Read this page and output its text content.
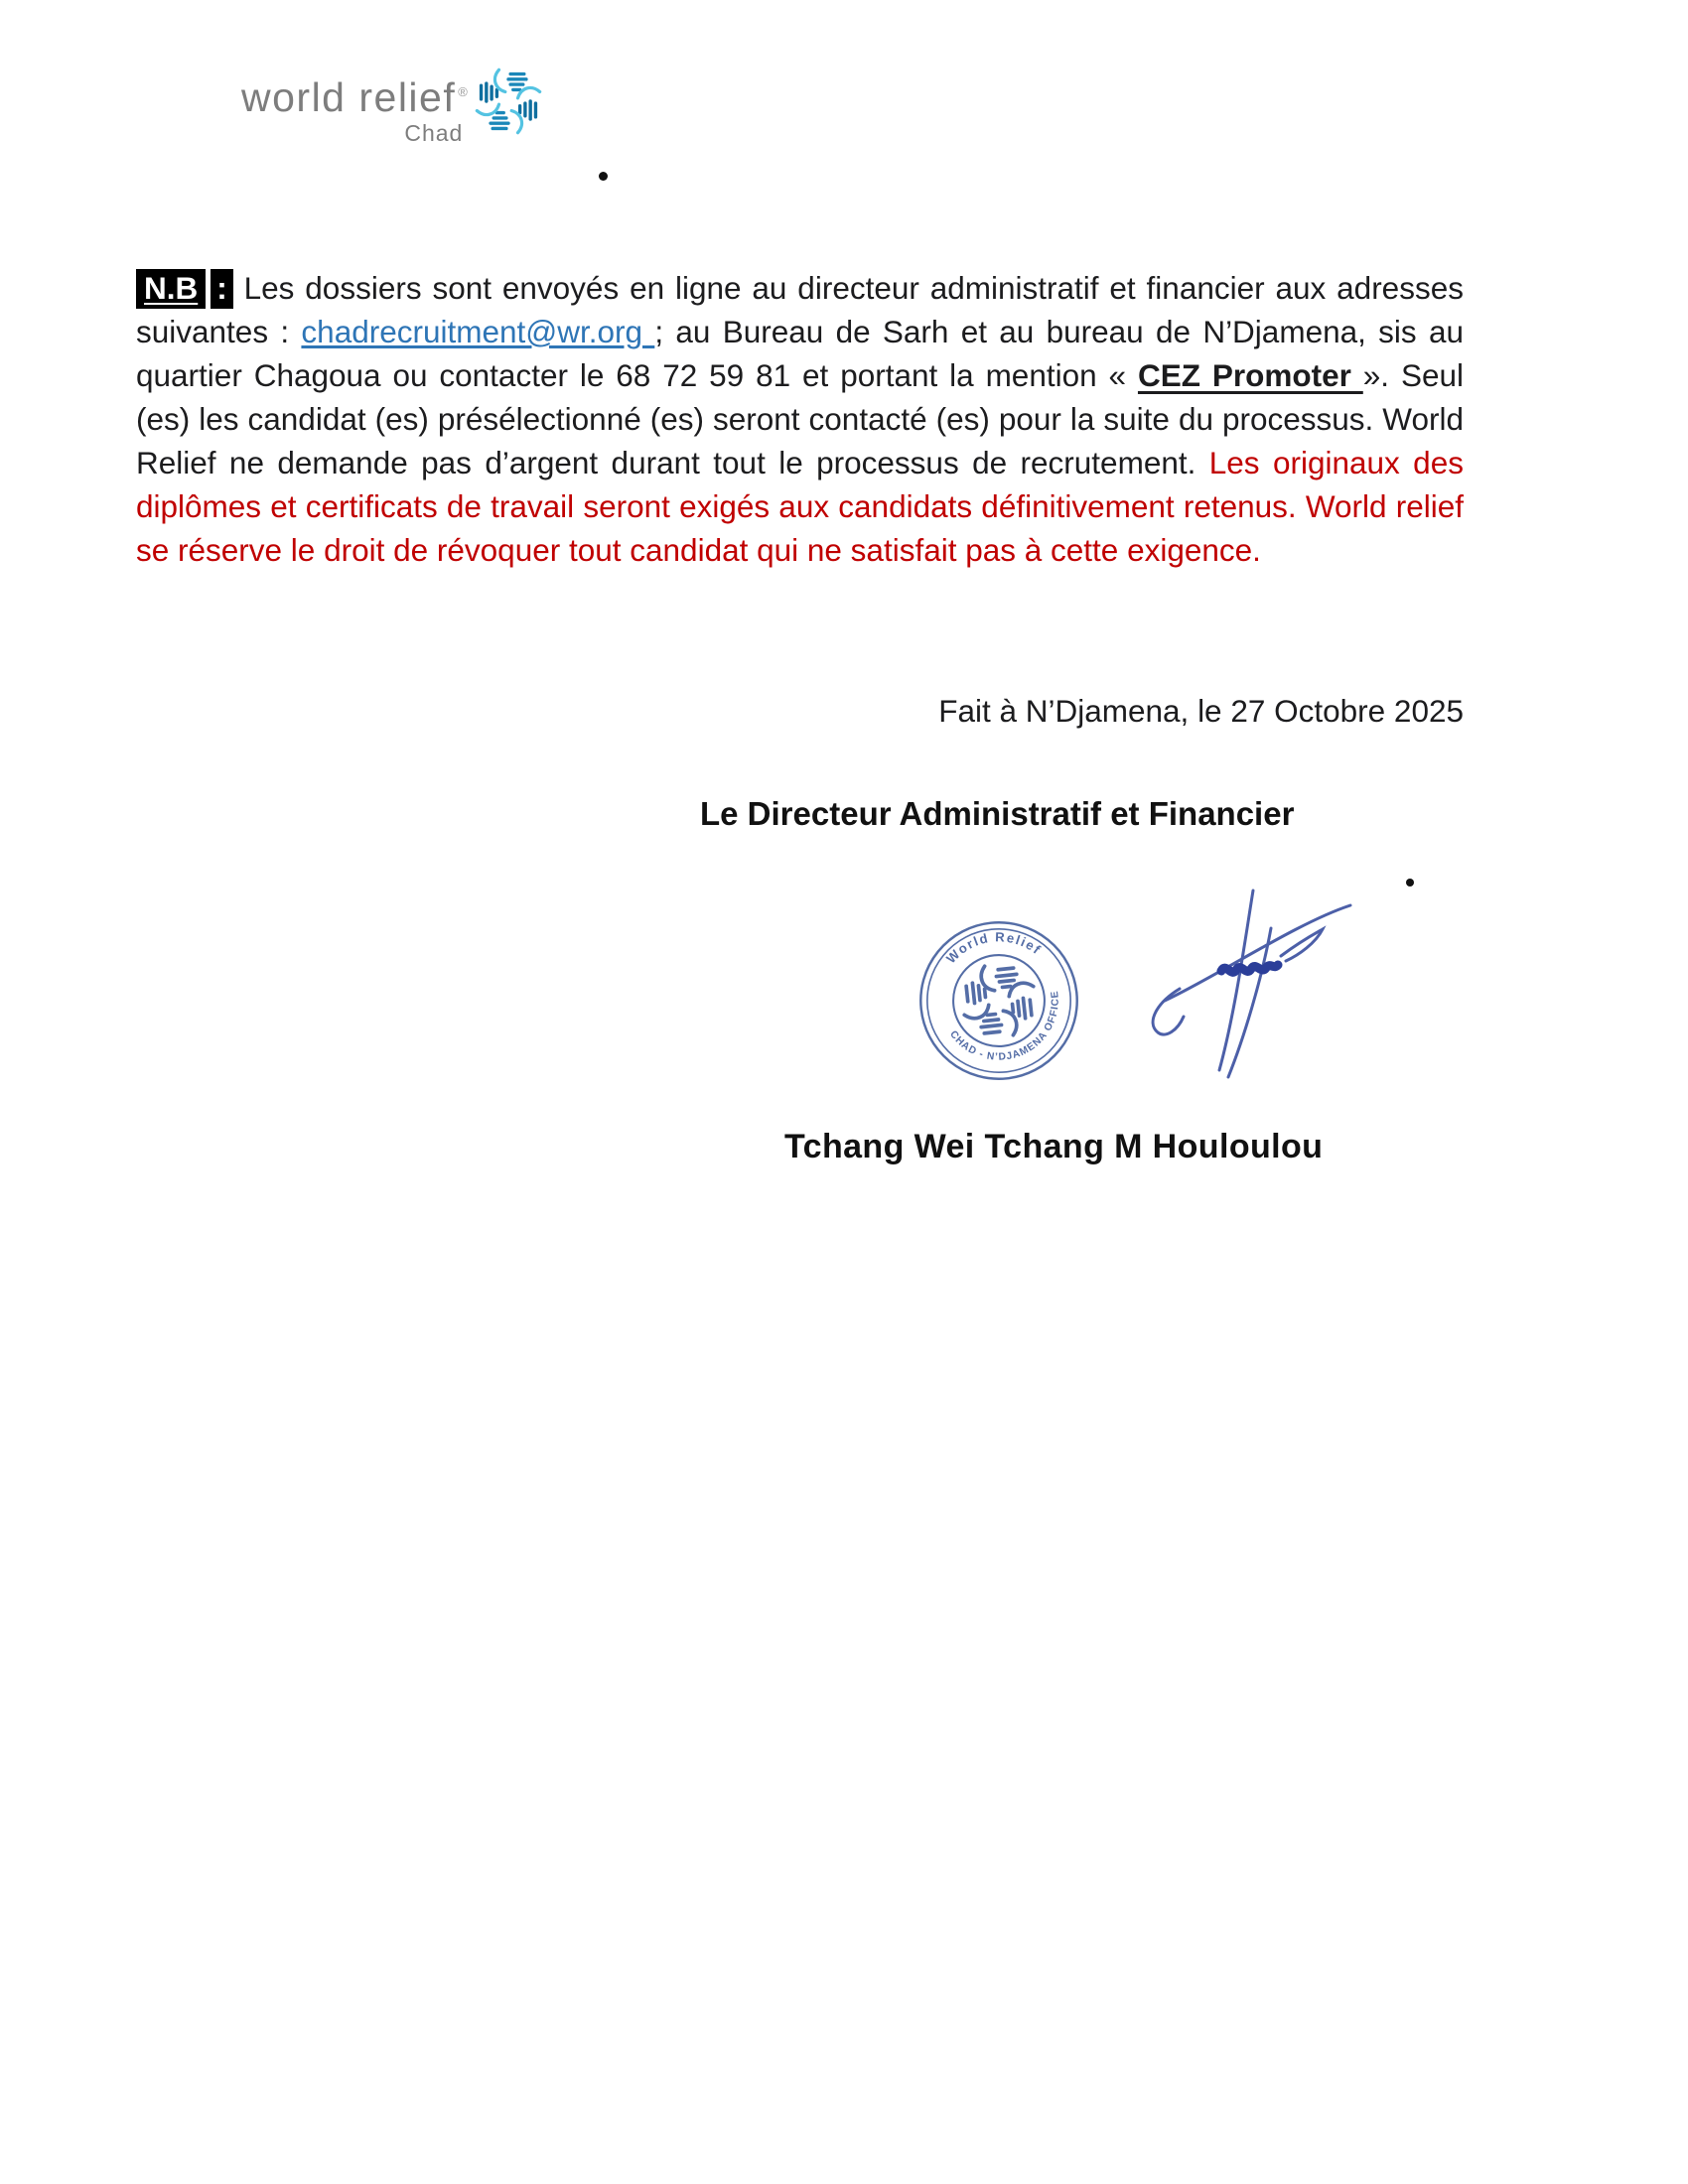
world relief ®
Chad

N.B : Les dossiers sont envoyés en ligne au directeur administratif et financier aux adresses suivantes : chadrecruitment@wr.org ; au Bureau de Sarh et au bureau de N’Djamena, sis au quartier Chagoua ou contacter le 68 72 59 81 et portant la mention « CEZ Promoter ». Seul (es) les candidat (es) présélectionné (es) seront contacté (es) pour la suite du processus. World Relief ne demande pas d’argent durant tout le processus de recrutement. Les originaux des diplômes et certificats de travail seront exigés aux candidats définitivement retenus. World relief se réserve le droit de révoquer tout candidat qui ne satisfait pas à cette exigence.

Fait à N’Djamena, le 27 Octobre 2025
Le Directeur Administratif et Financier
World Relief
CHAD - N’DJAMENA OFFICE
Tchang Wei Tchang M Houloulou
